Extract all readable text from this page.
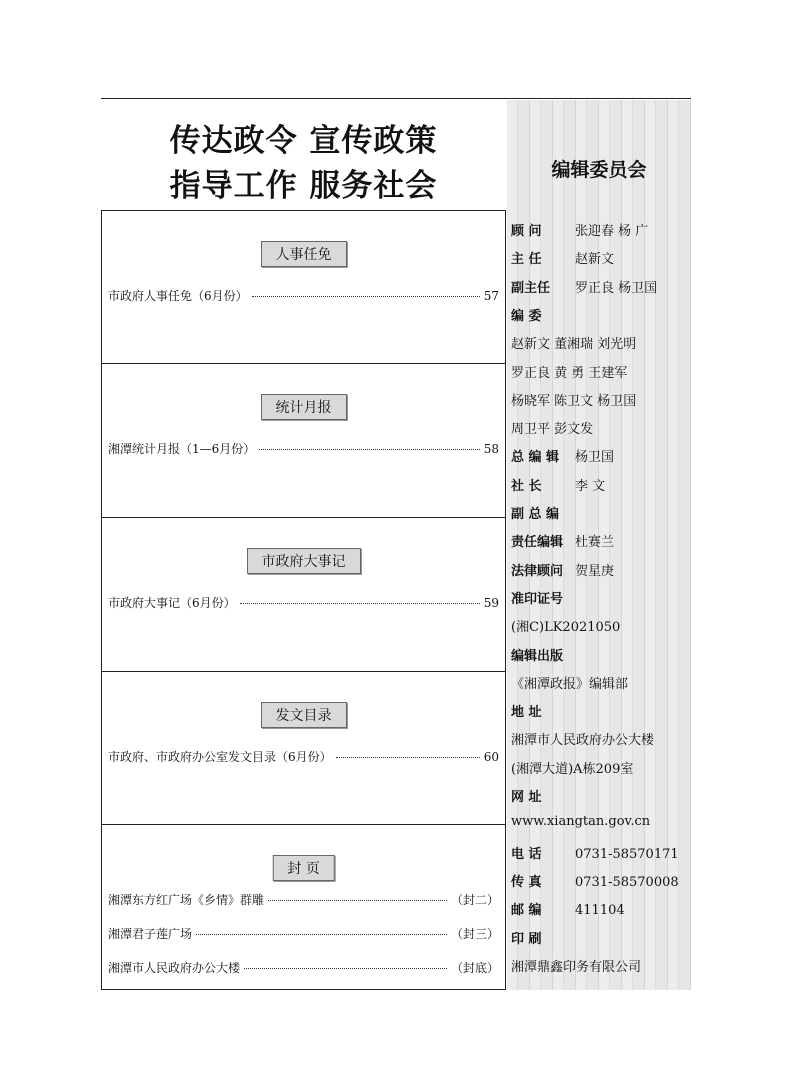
传达政令 宣传政策
指导工作 服务社会
人事任免
市政府人事任免（6月份）	57
统计月报
湘潭统计月报（1—6月份）	58
市政府大事记
市政府大事记（6月份）	59
发文目录
市政府、市政府办公室发文目录（6月份）	60
封 页
湘潭东方红广场《乡情》群雕	（封二）
湘潭君子莲广场	（封三）
湘潭市人民政府办公大楼	（封底）
编辑委员会
顾 问	张迎春 杨 广
主 任	赵新文
副主任 罗正良 杨卫国
编 委
赵新文 董湘瑞 刘光明
罗正良 黄 勇 王建军
杨晓军 陈卫文 杨卫国
周卫平 彭文发
总 编 辑 杨卫国
社 长	李 文
副 总 编
责任编辑 杜赛兰
法律顾问 贺星庚
准印证号
(湘C)LK2021050
编辑出版
《湘潭政报》编辑部
地 址
湘潭市人民政府办公大楼
(湘潭大道)A栋209室
网 址
www.xiangtan.gov.cn
电 话	0731-58570171
传 真	0731-58570008
邮 编	411104
印 刷
湘潭鼎鑫印务有限公司
